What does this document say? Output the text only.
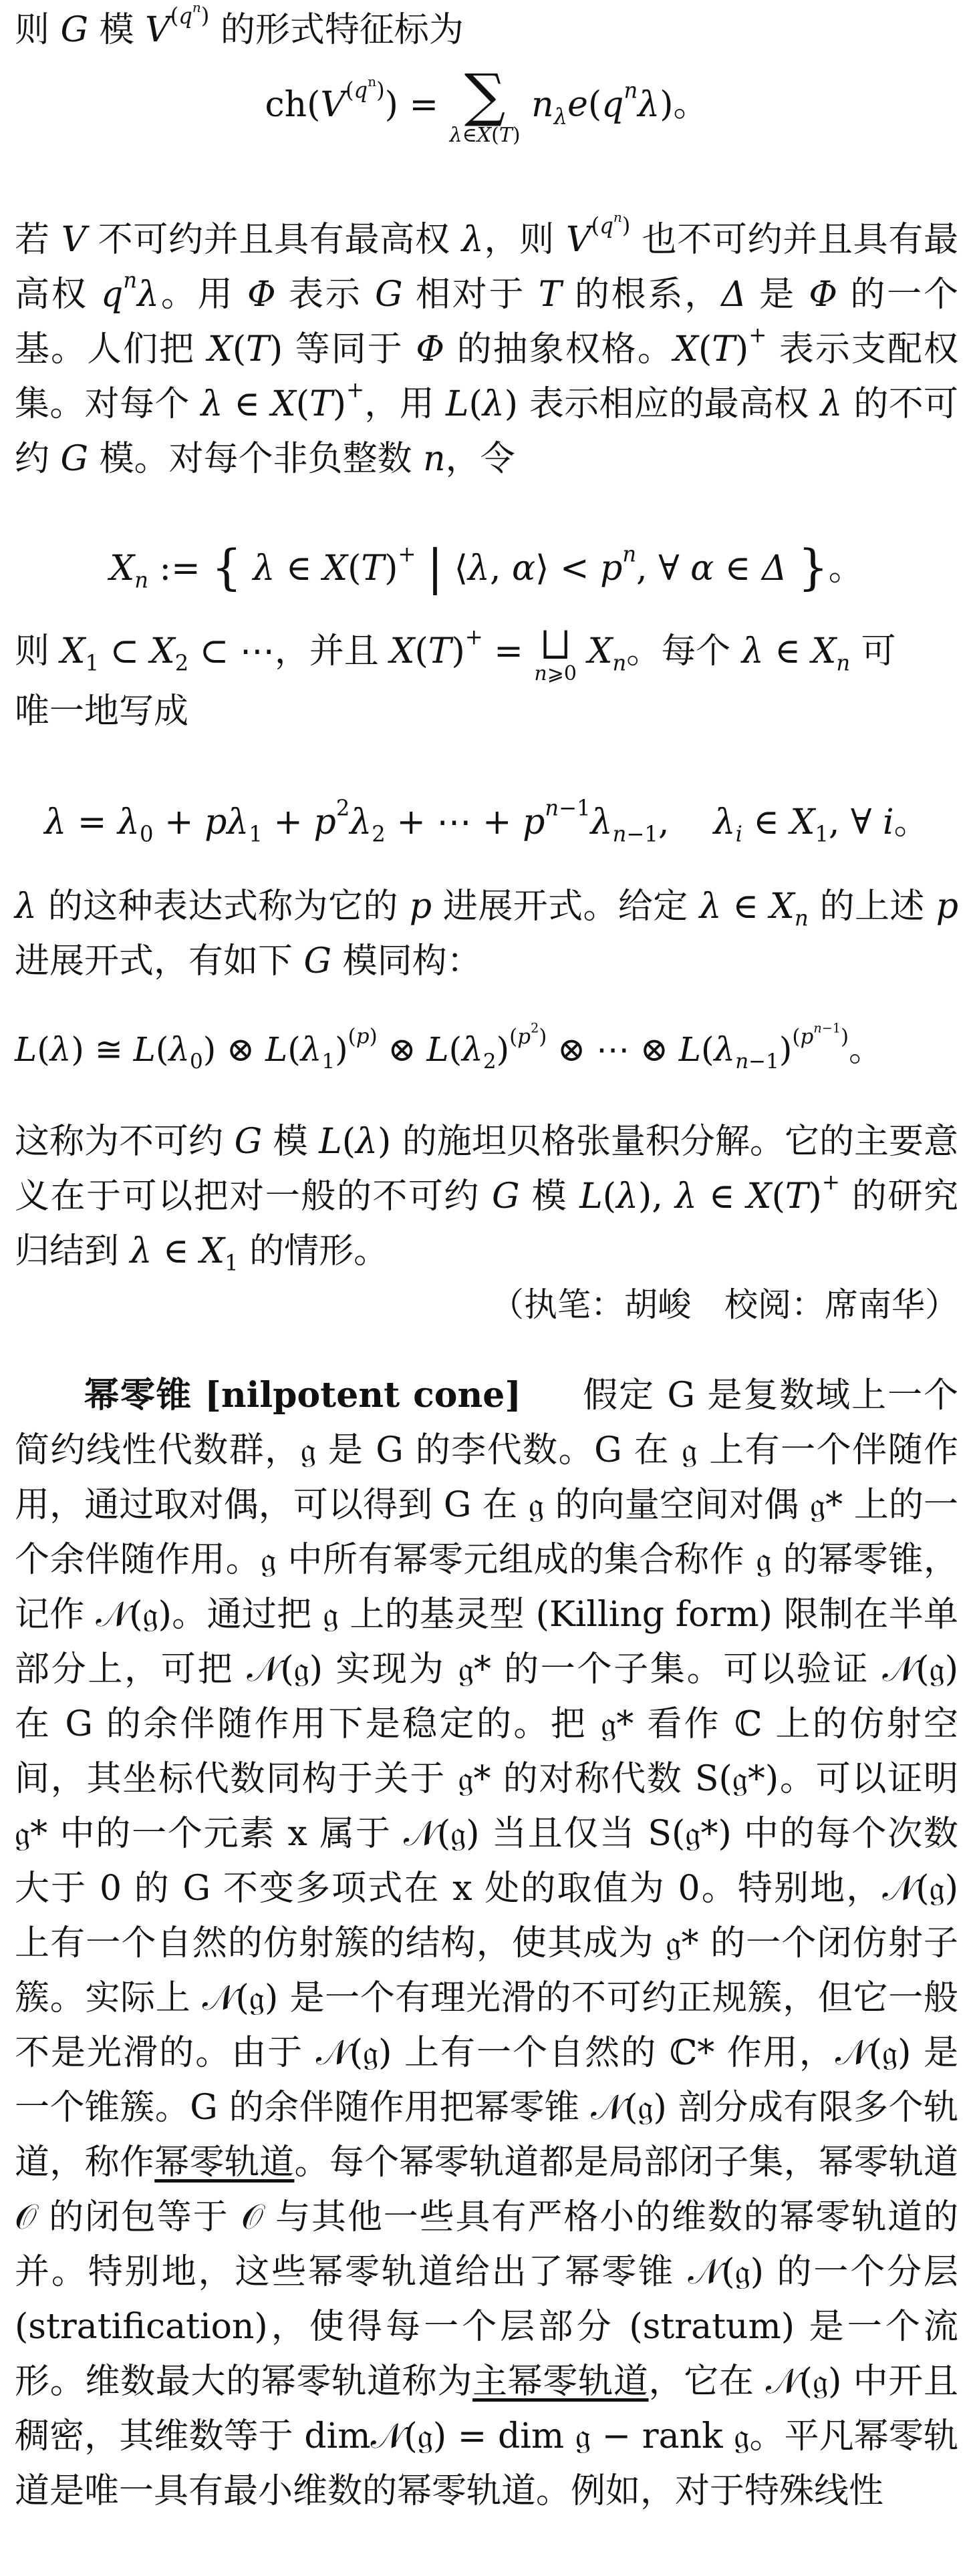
则 G 模 $V^{(q^n)}$ 的形式特征标为

$ch(V^{(q^n)})$ = ∑
λ∈X(T)
$n_\lambda e(q^n\lambda)$。
若 V 不可约并且具有最高权 λ，则 $V^{(q^n)}$ 也不可约并且具有最高权 $q^n\lambda$。用 Φ 表示 G 相对于 T 的根系，Δ 是 Φ 的一个基。人们把 X(T) 等同于 Φ 的抽象权格。X(T)+ 表示支配权集。对每个 λ ∈ X(T)+，用 L(λ) 表示相应的最高权 λ 的不可约 G 模。对每个非负整数 n，令
$X_n$ := { λ ∈ X(T)+ | ⟨λ, α⟩ < $p^n$, ∀ α ∈ Δ }。
则 $X_1$ ⊂ $X_2$ ⊂ ⋯，并且 X(T)+ = ⨆
n⩾0
$X_n$。每个 λ ∈ $X_n$ 可
唯一地写成
$\lambda = \lambda_0 + p\lambda_1 + p^2\lambda_2$ + ⋯ + $p^{n-1}\lambda_{n-1}$,    $\lambda_i$ ∈ $X_1$, ∀ i。
λ 的这种表达式称为它的 p 进展开式。给定 λ ∈ $X_n$ 的上述 p 进展开式，有如下 G 模同构：
L(λ) ≅ $L(\lambda_0)$ ⊗ $L(\lambda_1)^{(p)}$ ⊗ $L(\lambda_2)^{(p^2)}$ ⊗ ⋯ ⊗ $L(\lambda_{n-1})^{(p^{n-1})}$。
这称为不可约 G 模 L(λ) 的施坦贝格张量积分解。它的主要意义在于可以把对一般的不可约 G 模 L(λ), λ ∈ X(T)+ 的研究归结到 λ ∈ $X_1$ 的情形。

（执笔：胡峻　校阅：席南华）

幂零锥 [nilpotent cone] 假定 G 是复数域上一个简约线性代数群，𝔤 是 G 的李代数。G 在 𝔤 上有一个伴随作用，通过取对偶，可以得到 G 在 𝔤 的向量空间对偶 𝔤* 上的一个余伴随作用。𝔤 中所有幂零元组成的集合称作 𝔤 的幂零锥，记作 𝒩(𝔤)。通过把 𝔤 上的基灵型 (Killing form) 限制在半单部分上，可把 𝒩(𝔤) 实现为 𝔤* 的一个子集。可以验证 𝒩(𝔤) 在 G 的余伴随作用下是稳定的。把 𝔤* 看作 ℂ 上的仿射空间，其坐标代数同构于关于 𝔤* 的对称代数 S(𝔤*)。可以证明 𝔤* 中的一个元素 x 属于 𝒩(𝔤) 当且仅当 S(𝔤*) 中的每个次数大于 0 的 G 不变多项式在 x 处的取值为 0。特别地，𝒩(𝔤) 上有一个自然的仿射簇的结构，使其成为 𝔤* 的一个闭仿射子簇。实际上 𝒩(𝔤) 是一个有理光滑的不可约正规簇，但它一般不是光滑的。由于 𝒩(𝔤) 上有一个自然的 ℂ* 作用，𝒩(𝔤) 是一个锥簇。G 的余伴随作用把幂零锥 𝒩(𝔤) 剖分成有限多个轨道，称作幂零轨道。每个幂零轨道都是局部闭子集，幂零轨道 𝒪 的闭包等于 𝒪 与其他一些具有严格小的维数的幂零轨道的并。特别地，这些幂零轨道给出了幂零锥 𝒩(𝔤) 的一个分层 (stratification)，使得每一个层部分 (stratum) 是一个流形。维数最大的幂零轨道称为主幂零轨道，它在 𝒩(𝔤) 中开且稠密，其维数等于 dim𝒩(𝔤) = dim 𝔤 − rank 𝔤。平凡幂零轨道是唯一具有最小维数的幂零轨道。例如，对于特殊线性
